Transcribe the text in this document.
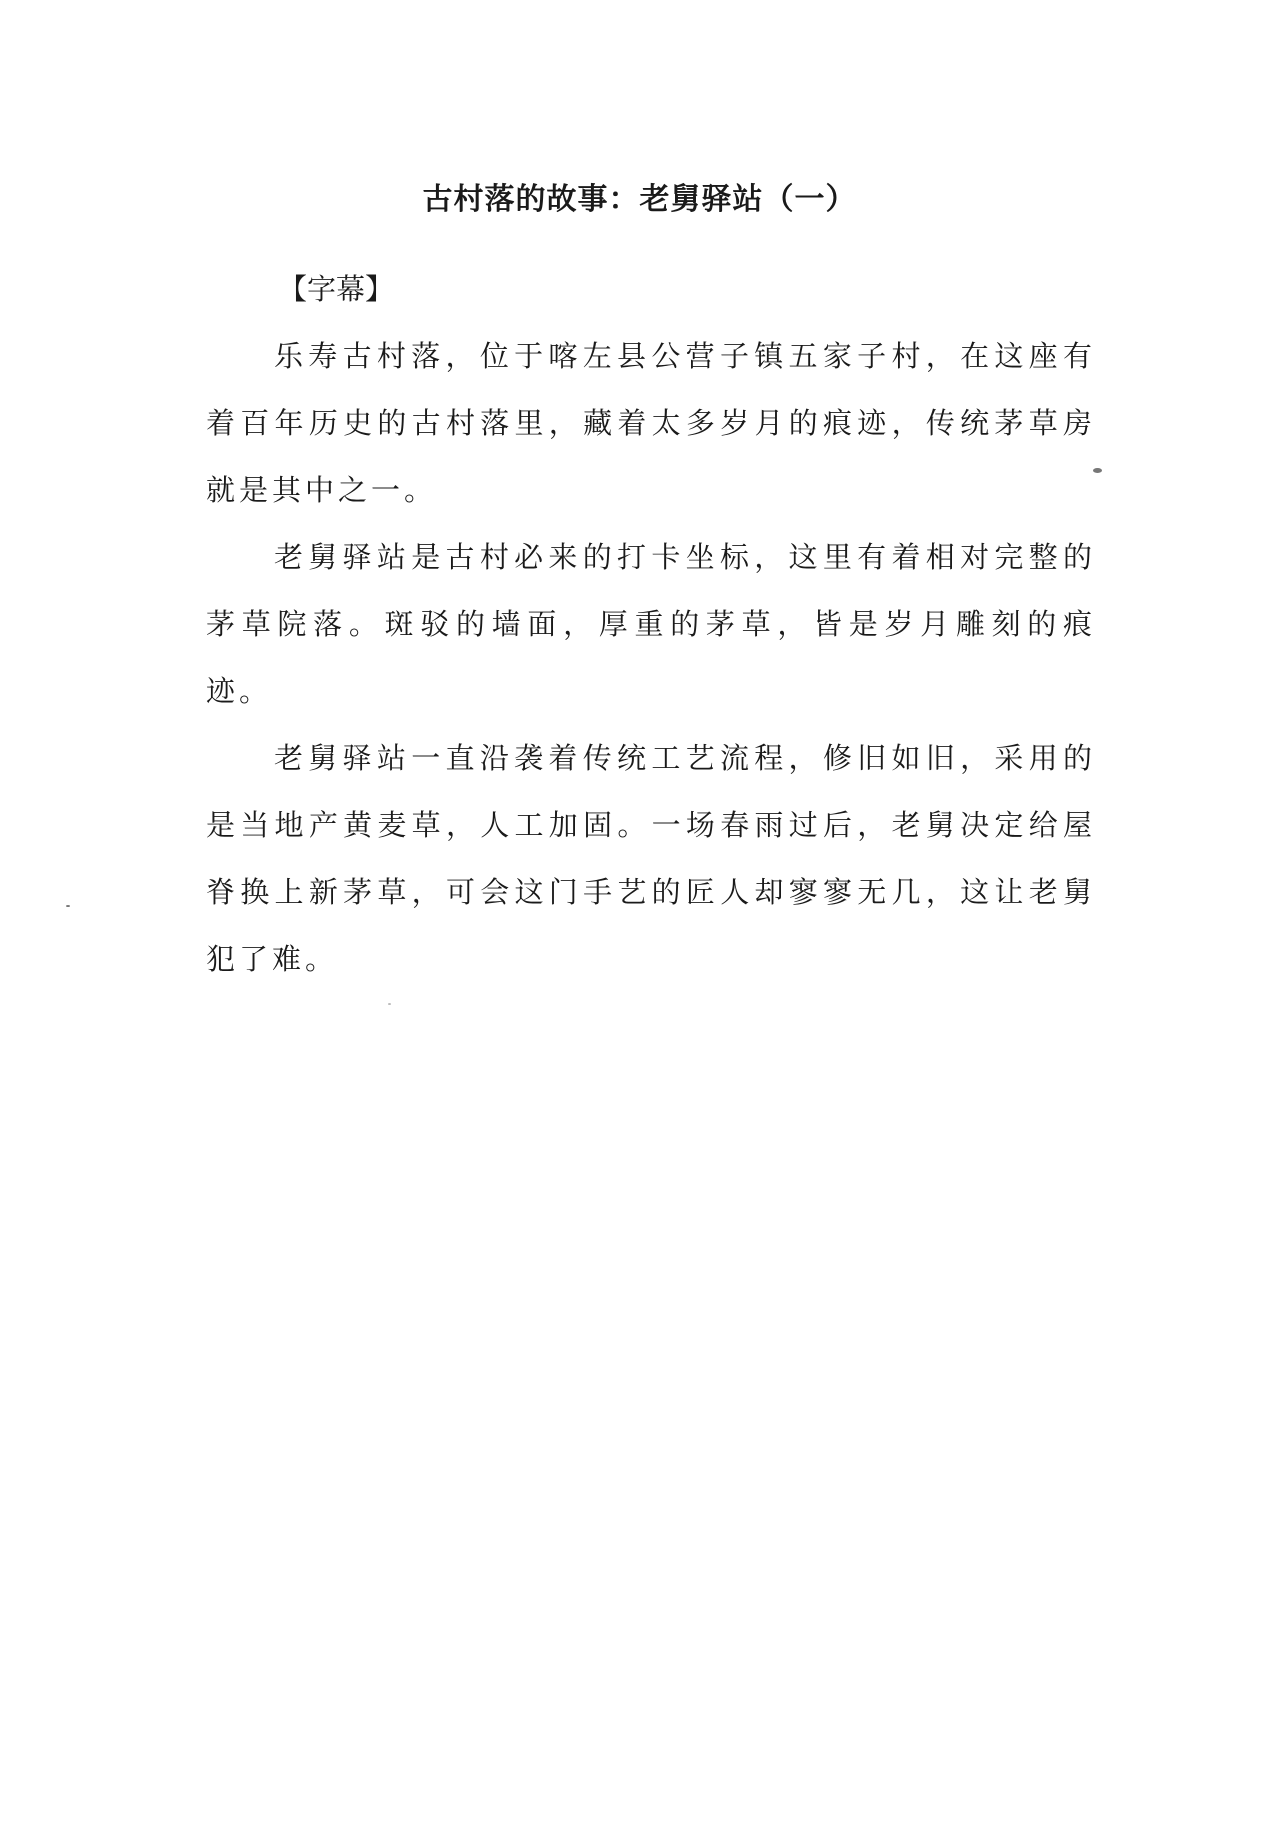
古村落的故事：老舅驿站（一）

【字幕】

乐寿古村落，位于喀左县公营子镇五家子村，在这座有着百年历史的古村落里，藏着太多岁月的痕迹，传统茅草房就是其中之一。

老舅驿站是古村必来的打卡坐标，这里有着相对完整的茅草院落。斑驳的墙面，厚重的茅草，皆是岁月雕刻的痕迹。

老舅驿站一直沿袭着传统工艺流程，修旧如旧，采用的是当地产黄麦草，人工加固。一场春雨过后，老舅决定给屋脊换上新茅草，可会这门手艺的匠人却寥寥无几，这让老舅犯了难。
